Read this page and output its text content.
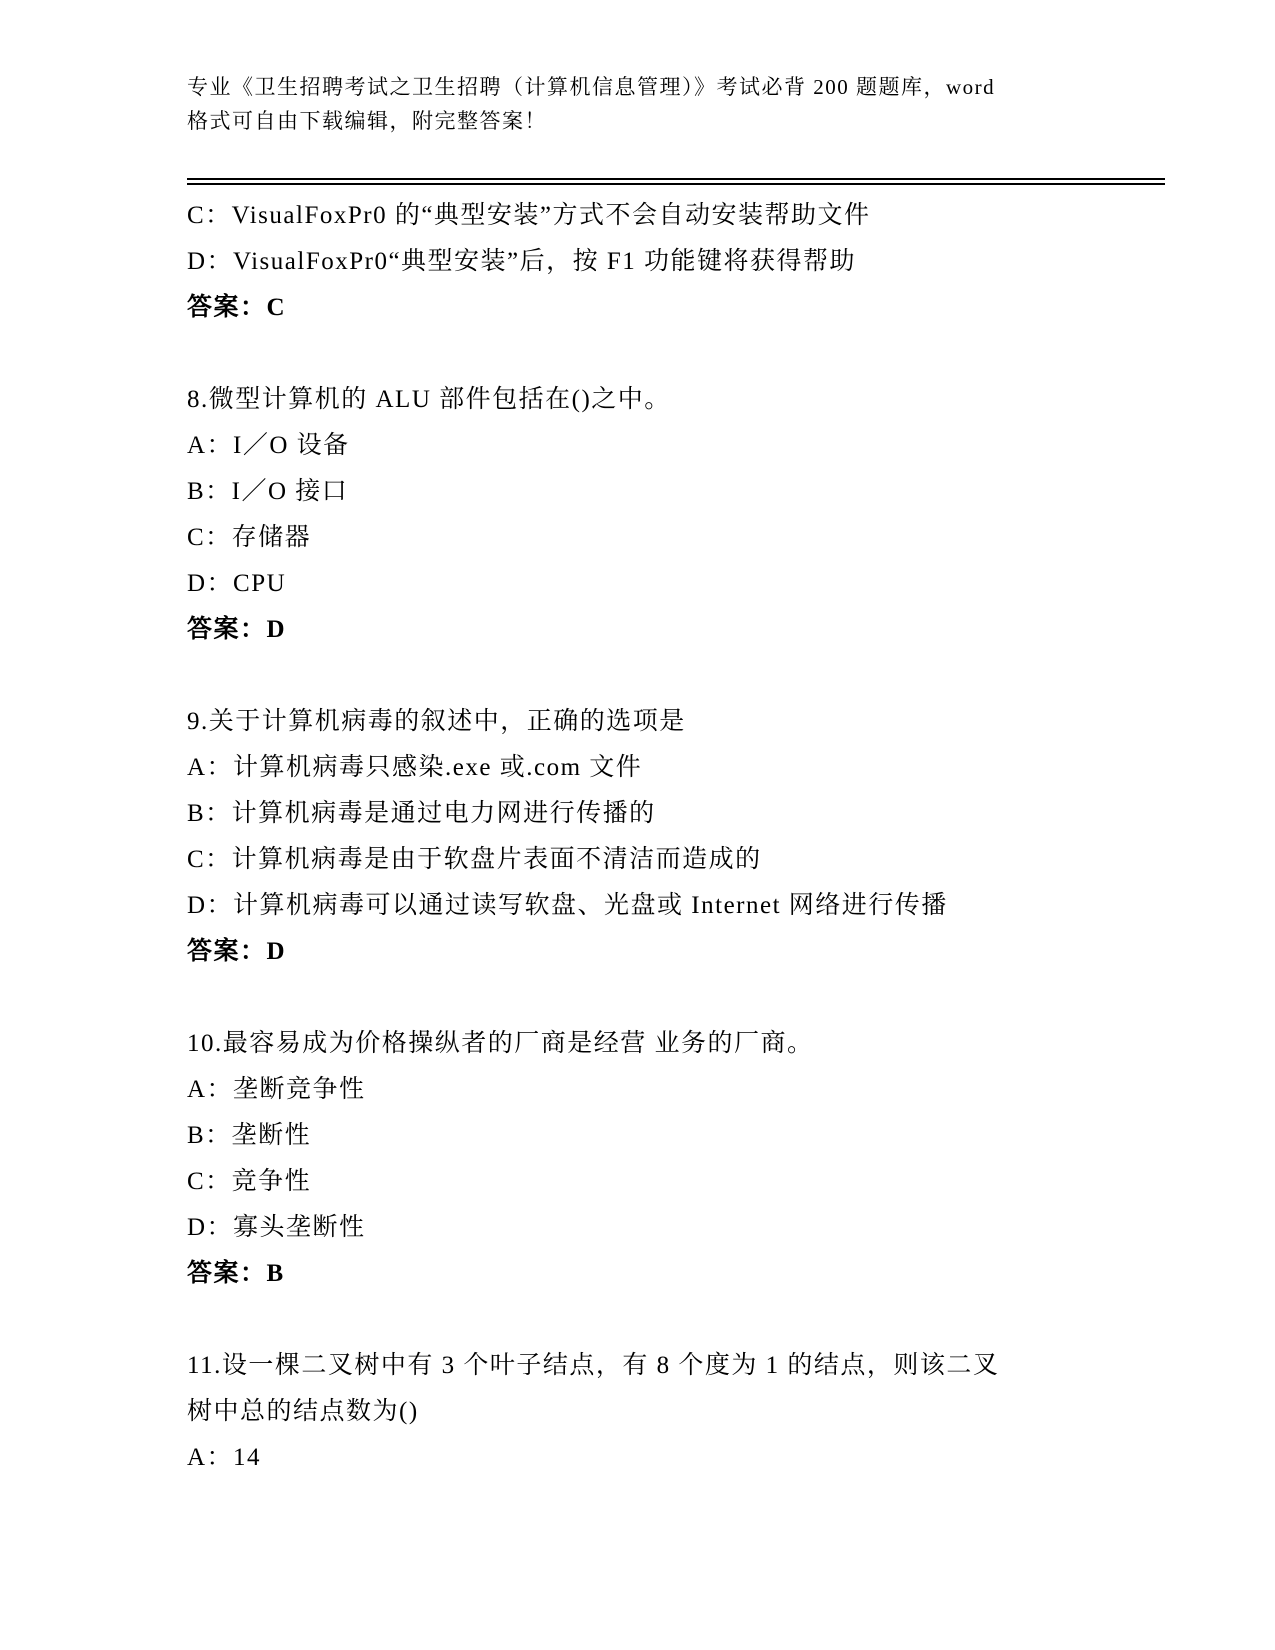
专业《卫生招聘考试之卫生招聘（计算机信息管理）》考试必背 200 题题库，word
格式可自由下载编辑，附完整答案！
C：VisualFoxPr0 的“典型安装”方式不会自动安装帮助文件
D：VisualFoxPr0“典型安装”后，按 F1 功能键将获得帮助
答案：C
8.微型计算机的 ALU 部件包括在()之中。
A：I／O 设备
B：I／O 接口
C：存储器
D：CPU
答案：D
9.关于计算机病毒的叙述中，正确的选项是
A：计算机病毒只感染.exe 或.com 文件
B：计算机病毒是通过电力网进行传播的
C：计算机病毒是由于软盘片表面不清洁而造成的
D：计算机病毒可以通过读写软盘、光盘或 Internet 网络进行传播
答案：D
10.最容易成为价格操纵者的厂商是经营 业务的厂商。
A：垄断竞争性
B：垄断性
C：竞争性
D：寡头垄断性
答案：B
11.设一棵二叉树中有 3 个叶子结点，有 8 个度为 1 的结点，则该二叉
树中总的结点数为()
A：14
